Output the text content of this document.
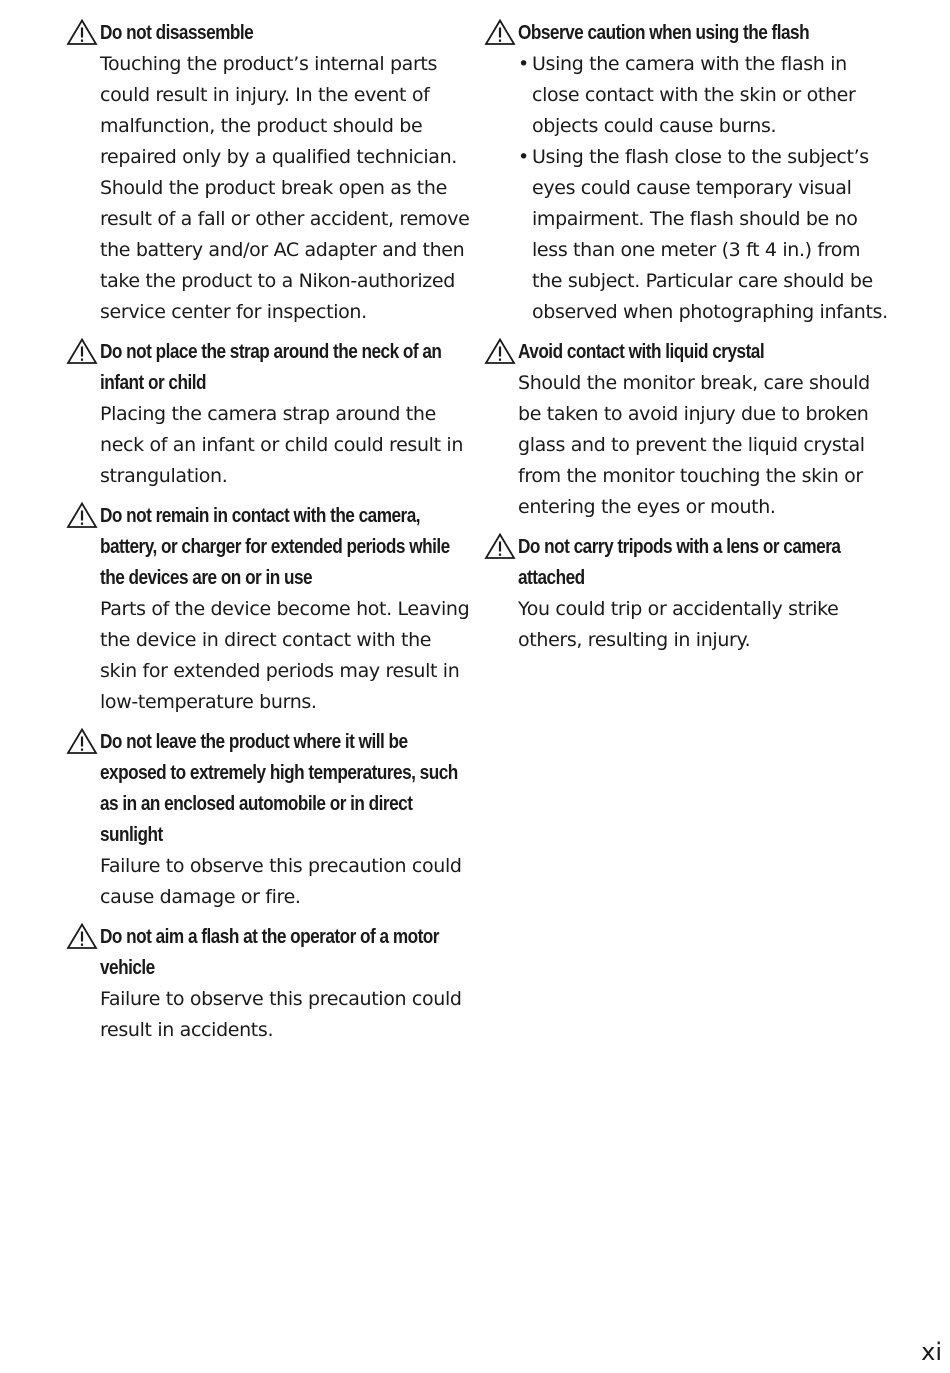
Do not disassemble

Touching the product’s internal parts could result in injury. In the event of malfunction, the product should be repaired only by a qualified technician. Should the product break open as the result of a fall or other accident, remove the battery and/or AC adapter and then take the product to a Nikon-authorized service center for inspection.

Do not place the strap around the neck of an infant or child

Placing the camera strap around the neck of an infant or child could result in strangulation.

Do not remain in contact with the camera, battery, or charger for extended periods while the devices are on or in use

Parts of the device become hot. Leaving the device in direct contact with the skin for extended periods may result in low-temperature burns.

Do not leave the product where it will be exposed to extremely high temperatures, such as in an enclosed automobile or in direct sunlight

Failure to observe this precaution could cause damage or fire.

Do not aim a flash at the operator of a motor vehicle

Failure to observe this precaution could result in accidents.

Observe caution when using the flash

• Using the camera with the flash in close contact with the skin or other objects could cause burns.
• Using the flash close to the subject’s eyes could cause temporary visual impairment. The flash should be no less than one meter (3 ft 4 in.) from the subject. Particular care should be observed when photographing infants.

Avoid contact with liquid crystal

Should the monitor break, care should be taken to avoid injury due to broken glass and to prevent the liquid crystal from the monitor touching the skin or entering the eyes or mouth.

Do not carry tripods with a lens or camera attached

You could trip or accidentally strike others, resulting in injury.

xi
